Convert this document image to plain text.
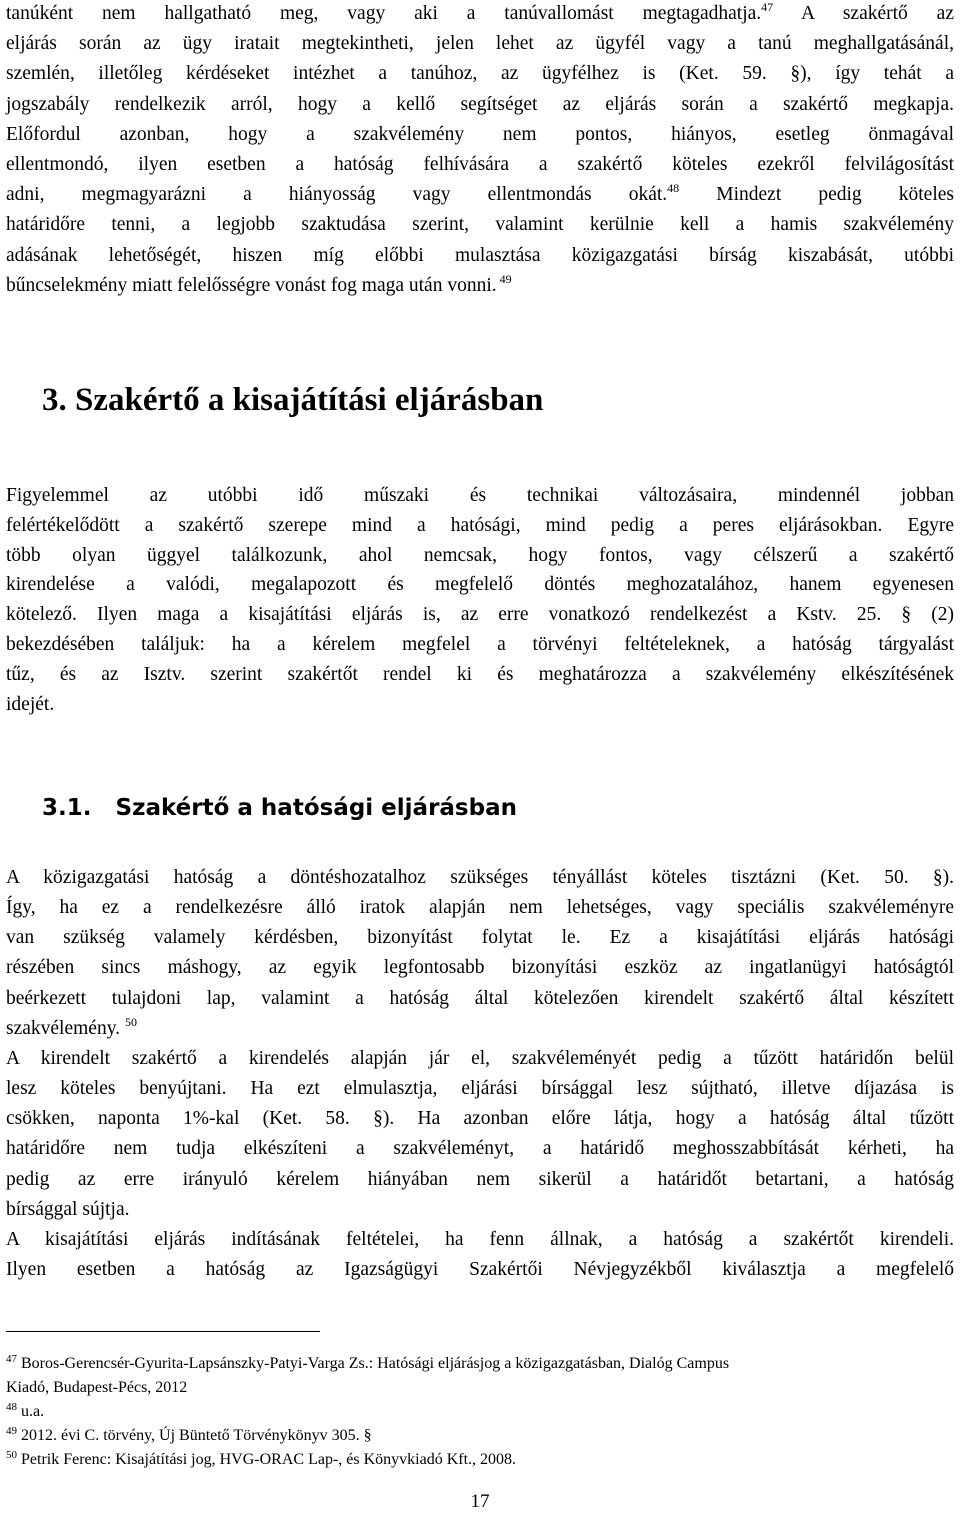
tanúként nem hallgatható meg, vagy aki a tanúvallomást megtagadhatja.$^{47}$ A szakértő az
eljárás során az ügy iratait megtekintheti, jelen lehet az ügyfél vagy a tanú meghallgatásánál,
szemlén, illetőleg kérdéseket intézhet a tanúhoz, az ügyfélhez is (Ket. 59. §), így tehát a
jogszabály rendelkezik arról, hogy a kellő segítséget az eljárás során a szakértő megkapja.
Előfordul azonban, hogy a szakvélemény nem pontos, hiányos, esetleg önmagával
ellentmondó, ilyen esetben a hatóság felhívására a szakértő köteles ezekről felvilágosítást
adni, megmagyarázni a hiányosság vagy ellentmondás okát.$^{48}$ Mindezt pedig köteles
határidőre tenni, a legjobb szaktudása szerint, valamint kerülnie kell a hamis szakvélemény
adásának lehetőségét, hiszen míg előbbi mulasztása közigazgatási bírság kiszabását, utóbbi
bűncselekmény miatt felelősségre vonást fog maga után vonni. $^{49}$
3. Szakértő a kisajátítási eljárásban
Figyelemmel az utóbbi idő műszaki és technikai változásaira, mindennél jobban
felértékelődött a szakértő szerepe mind a hatósági, mind pedig a peres eljárásokban. Egyre
több olyan üggyel találkozunk, ahol nemcsak, hogy fontos, vagy célszerű a szakértő
kirendelése a valódi, megalapozott és megfelelő döntés meghozatalához, hanem egyenesen
kötelező. Ilyen maga a kisajátítási eljárás is, az erre vonatkozó rendelkezést a Kstv. 25. § (2)
bekezdésében találjuk: ha a kérelem megfelel a törvényi feltételeknek, a hatóság tárgyalást
tűz, és az Isztv. szerint szakértőt rendel ki és meghatározza a szakvélemény elkészítésének
idejét.
3.1.   Szakértő a hatósági eljárásban
A közigazgatási hatóság a döntéshozatalhoz szükséges tényállást köteles tisztázni (Ket. 50. §).
Így, ha ez a rendelkezésre álló iratok alapján nem lehetséges, vagy speciális szakvéleményre
van szükség valamely kérdésben, bizonyítást folytat le. Ez a kisajátítási eljárás hatósági
részében sincs máshogy, az egyik legfontosabb bizonyítási eszköz az ingatlanügyi hatóságtól
beérkezett tulajdoni lap, valamint a hatóság által kötelezően kirendelt szakértő által készített
szakvélemény. $^{50}$
A kirendelt szakértő a kirendelés alapján jár el, szakvéleményét pedig a tűzött határidőn belül
lesz köteles benyújtani. Ha ezt elmulasztja, eljárási bírsággal lesz sújtható, illetve díjazása is
csökken, naponta 1%-kal (Ket. 58. §). Ha azonban előre látja, hogy a hatóság által tűzött
határidőre nem tudja elkészíteni a szakvéleményt, a határidő meghosszabbítását kérheti, ha
pedig az erre irányuló kérelem hiányában nem sikerül a határidőt betartani, a hatóság
bírsággal sújtja.
A kisajátítási eljárás indításának feltételei, ha fenn állnak, a hatóság a szakértőt kirendeli.
Ilyen esetben a hatóság az Igazságügyi Szakértői Névjegyzékből kiválasztja a megfelelő
$^{47}$ Boros-Gerencsér-Gyurita-Lapsánszky-Patyi-Varga Zs.: Hatósági eljárásjog a közigazgatásban, Dialóg Campus
Kiadó, Budapest-Pécs, 2012
$^{48}$ u.a.
$^{49}$ 2012. évi C. törvény, Új Büntető Törvénykönyv 305. §
$^{50}$ Petrik Ferenc: Kisajátítási jog, HVG-ORAC Lap-, és Könyvkiadó Kft., 2008.
17
